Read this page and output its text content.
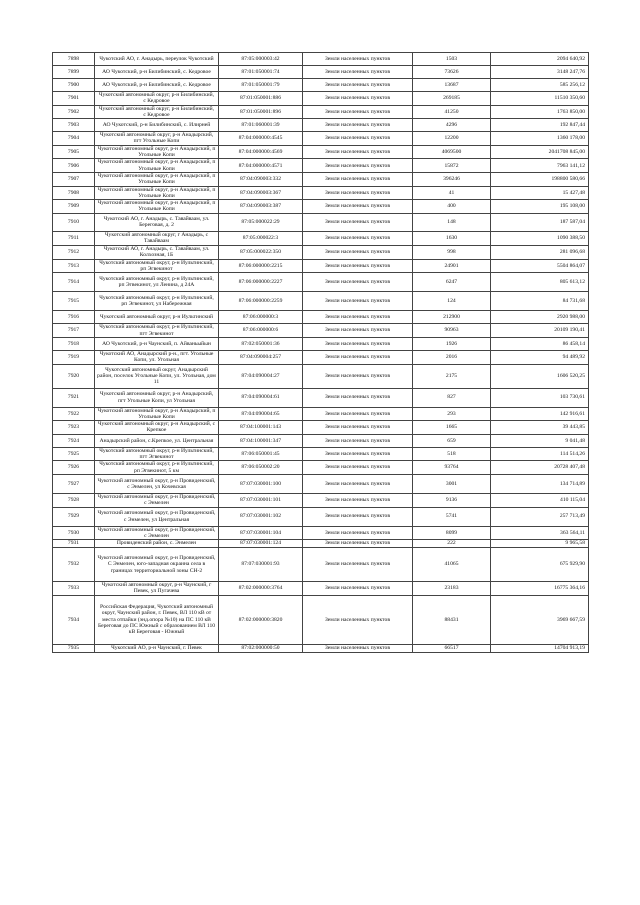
7898	Чукотский АО, г. Анадырь, переулок Чукотский	87:05:000003:42	Земли населенных пунктов	1503	2094 640,92
7899	АО Чукотский, р-н Билибинский, с. Кедровое	87:01:050001:74	Земли населенных пунктов	73626	3148 247,76
7900	АО Чукотский, р-н Билибинский, с. Кедровое	87:01:050001:79	Земли населенных пунктов	13687	585 256,12
7901	Чукотский автономный округ, р-н Билибинский, с Кедровое	87:01:050001:886	Земли населенных пунктов	269185	11510 350,60
7902	Чукотский автономный округ, р-н Билибинский, с Кедровое	87:01:050001:896	Земли населенных пунктов	41250	1763 850,00
7903	АО Чукотский, р-н Билибинский, с. Илирней	87:01:060001:39	Земли населенных пунктов	4296	192 847,44
7904	Чукотский автономный округ, р-н Анадырский, пгт Угольные Копи	87:04:000000:4545	Земли населенных пунктов	12200	1360 178,00
7905	Чукотский автономный округ, р-н Анадырский, п Угольные Копи	87:04:000000:4569	Земли населенных пунктов	4069500	2041708 845,00
7906	Чукотский автономный округ, р-н Анадырский, п Угольные Копи	87:04:000000:4571	Земли населенных пунктов	15872	7963 141,12
7907	Чукотский автономный округ, р-н Анадырский, п Угольные Копи	87:04:090003:332	Земли населенных пунктов	396246	198800 580,66
7908	Чукотский автономный округ, р-н Анадырский, п Угольные Копи	87:04:090003:367	Земли населенных пунктов	41	15 427,48
7909	Чукотский автономный округ, р-н Анадырский, п Угольные Копи	87:04:090003:387	Земли населенных пунктов	400	195 108,00
7910	Чукотский АО, г. Анадырь, с. Тавайваам, ул. Береговая, д. 2	87:05:000022:29	Земли населенных пунктов	148	187 587,04
7911	Чукотский автономный округ, г Анадырь, с Тавайваам	87:05:000022:3	Земли населенных пунктов	1630	1090 388,50
7912	Чукотский АО, г. Анадырь, с. Тавайваам, ул. Колхозная, 1Б	87:05:000022:350	Земли населенных пунктов	998	281 096,68
7913	Чукотский автономный округ, р-н Иультинский, рп Эгвекинот	87:06:000000:2215	Земли населенных пунктов	24901	5504 864,07
7914	Чукотский автономный округ, р-н Иультинский, рп Эгвекинот, ул Ленина, д 24А	87:06:000000:2227	Земли населенных пунктов	6247	805 613,12
7915	Чукотский автономный округ, р-н Иультинский, рп Эгвекинот, ул Набережная	87:06:000000:2259	Земли населенных пунктов	124	84 731,68
7916	Чукотский автономный округ, р-н Иультинский	87:06:000000:3	Земли населенных пунктов	212900	2920 988,00
7917	Чукотский автономный округ, р-н Иультинский, пгт Эгвекинот	87:06:000000:6	Земли населенных пунктов	90963	20109 190,41
7918	АО Чукотский, р-н Чаунский, п. Айваньыйын	87:02:050001:36	Земли населенных пунктов	1926	86 458,14
7919	Чукотский АО, Анадырский р-н., пгт. Угольные Копи, ул. Угольная	87:04:090004:257	Земли населенных пунктов	2016	94 489,92
7920	Чукотский автономный округ, Анадырский район, поселок Угольные Копи, ул. Угольная, дом 11	87:04:090004:27	Земли населенных пунктов	2175	1606 520,25
7921	Чукотский автономный округ, р-н Анадырский, пгт Угольные Копи, ул Угольная	87:04:090004:61	Земли населенных пунктов	827	103 730,61
7922	Чукотский автономный округ, р-н Анадырский, п Угольные Копи	87:04:090004:65	Земли населенных пунктов	293	142 916,61
7923	Чукотский автономный округ, р-н Анадырский, с Крепкое	87:04:100001:143	Земли населенных пунктов	1665	39 443,85
7924	Анадырский район, с.Крепкое, ул. Центральная	87:04:100001:347	Земли населенных пунктов	659	9 041,48
7925	Чукотский автономный округ, р-н Иультинский, пгт Эгвекинот	87:06:050001:45	Земли населенных пунктов	518	114 514,26
7926	Чукотский автономный округ, р-н Иультинский, рп Эгвекинот, 5 км	87:06:050002:20	Земли населенных пунктов	93764	20728 407,48
7927	Чукотский автономный округ, р-н Провиденский, с Энмелен, ул Кочевская	87:07:030001:100	Земли населенных пунктов	3001	134 714,89
7928	Чукотский автономный округ, р-н Провиденский, с Энмелен	87:07:030001:101	Земли населенных пунктов	9136	410 115,04
7929	Чукотский автономный округ, р-н Провиденский, с Энмелен, ул Центральная	87:07:030001:102	Земли населенных пунктов	5741	257 713,49
7930	Чукотский автономный округ, р-н Провиденский, с Энмелен	87:07:030001:104	Земли населенных пунктов	8099	363 564,11
7931	Провиденский район, с. Энмелен	87:07:030001:124	Земли населенных пунктов	222	9 965,58
7932	Чукотский автономный округ, р-н Провиденский, С Энмелен, юго-западная окраина села в границах территориальной зоны СН-2	87:07:030001:93	Земли населенных пунктов	41065	675 929,90
7933	Чукотский автономный округ, р-н Чаунский, г Певек, ул Пугачева	87:02:000000:3764	Земли населенных пунктов	23183	16775 364,16
7934	Российская Федерация, Чукотский автономный округ, Чаунский район, г. Певек, ВЛ 110 кВ от места отпайки (энд.опора №10) на ПС 110 кВ Береговая до ПС Южный с образованием ВЛ 110 кВ Береговая - Южный	87:02:000000:3820	Земли населенных пунктов	88431	3969 667,59
7935	Чукотский АО, р-н Чаунский, г. Певек	87:02:000000:50	Земли населенных пунктов	66517	14704 913,19
